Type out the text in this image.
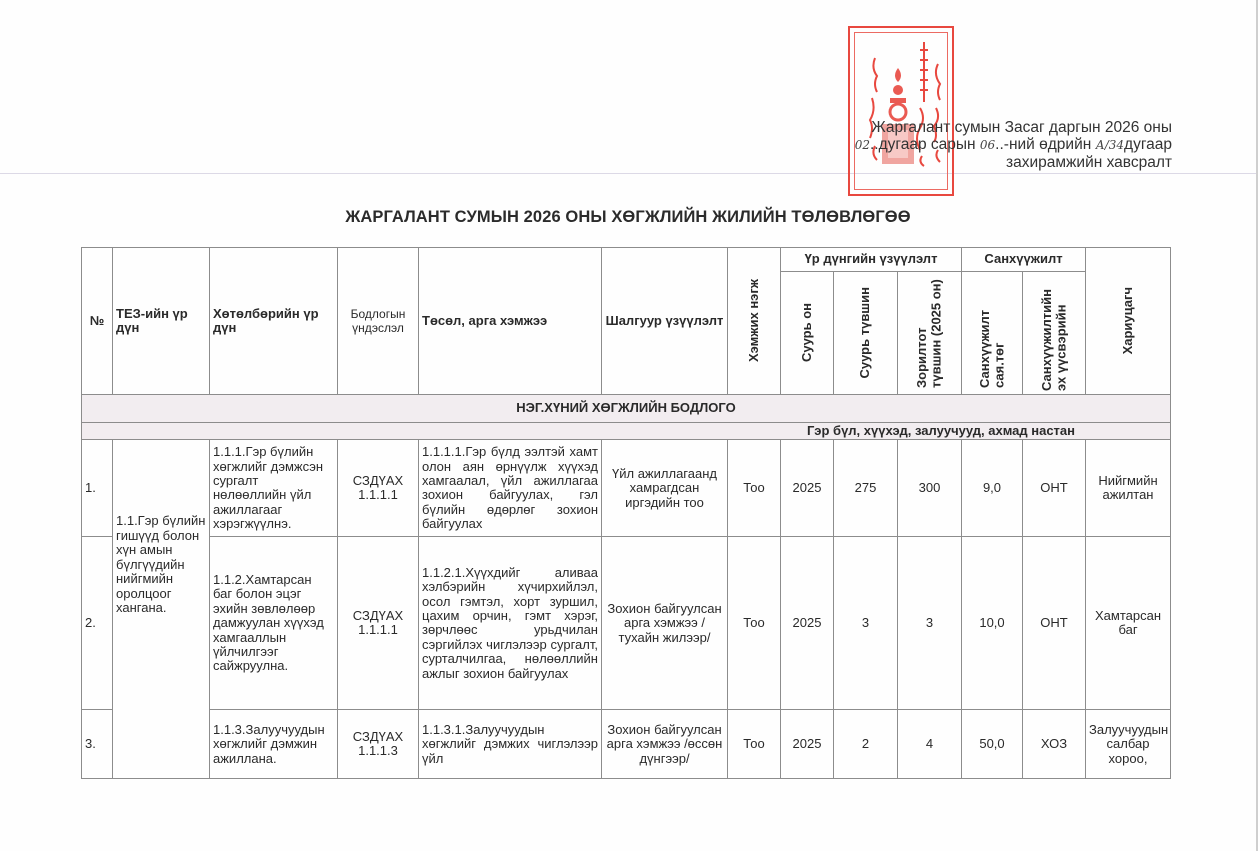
Жаргалант сумын Засаг даргын 2026 оны
02..дугаар сарын 06..-ний өдрийн А/34дугаар
захирамжийн хавсралт
ЖАРГАЛАНТ СУМЫН 2026 ОНЫ ХӨГЖЛИЙН ЖИЛИЙН ТӨЛӨВЛӨГӨӨ
№	ТЕЗ-ийн үр дүн	Хөтөлбөрийн үр дүн	Бодлогын үндэслэл	Төсөл, арга хэмжээ	Шалгуур үзүүлэлт	Хэмжих нэгж	Үр дүнгийн үзүүлэлт			Санхүүжилт		Хариуцагч

							Суурь он	Суурь түвшин	Зорилтот түвшин (2025 он)	Санхүүжилт сая.төг	Санхүүжилтийн эх үүсвэрийн	

НЭГ.ХҮНИЙ ХӨГЖЛИЙН БОДЛОГО												
Гэр бүл, хүүхэд, залуучууд, ахмад настан												
1.	1.1.Гэр бүлийн гишүүд болон хүн амын бүлгүүдийн нийгмийн оролцоог хангана.	1.1.1.Гэр бүлийн хөгжлийг дэмжсэн сургалт нөлөөллийн үйл ажиллагааг хэрэгжүүлнэ.	СЗДҮАХ 1.1.1.1	1.1.1.1.Гэр бүлд ээлтэй хамт олон аян өрнүүлж хүүхэд хамгаалал, үйл ажиллагаа зохион байгуулах, гэл бүлийн өдөрлөг зохион байгуулах	Үйл ажиллагаанд хамрагдсан иргэдийн тоо	Тоо	2025	275	300	9,0	ОНТ	Нийгмийн ажилтан
2.		1.1.2.Хамтарсан баг болон эцэг эхийн зөвлөлөөр дамжуулан хүүхэд хамгааллын үйлчилгээг сайжруулна.	СЗДҮАХ 1.1.1.1	1.1.2.1.Хүүхдийг аливаа хэлбэрийн хүчирхийлэл, осол гэмтэл, хорт зуршил, цахим орчин, гэмт хэрэг, зөрчлөөс урьдчилан сэргийлэх чиглэлээр сургалт, сурталчилгаа, нөлөөллийн ажлыг зохион байгуулах	Зохион байгуулсан арга хэмжээ /тухайн жилээр/	Тоо	2025	3	3	10,0	ОНТ	Хамтарсан баг
3.		1.1.3.Залуучуудын хөгжлийг дэмжин ажиллана.	СЗДҮАХ 1.1.1.3	1.1.3.1.Залуучуудын хөгжлийг дэмжих чиглэлээр үйл	Зохион байгуулсан арга хэмжээ /өссөн дүнгээр/	Тоо	2025	2	4	50,0	ХОЗ	Залуучуудын салбар хороо,
